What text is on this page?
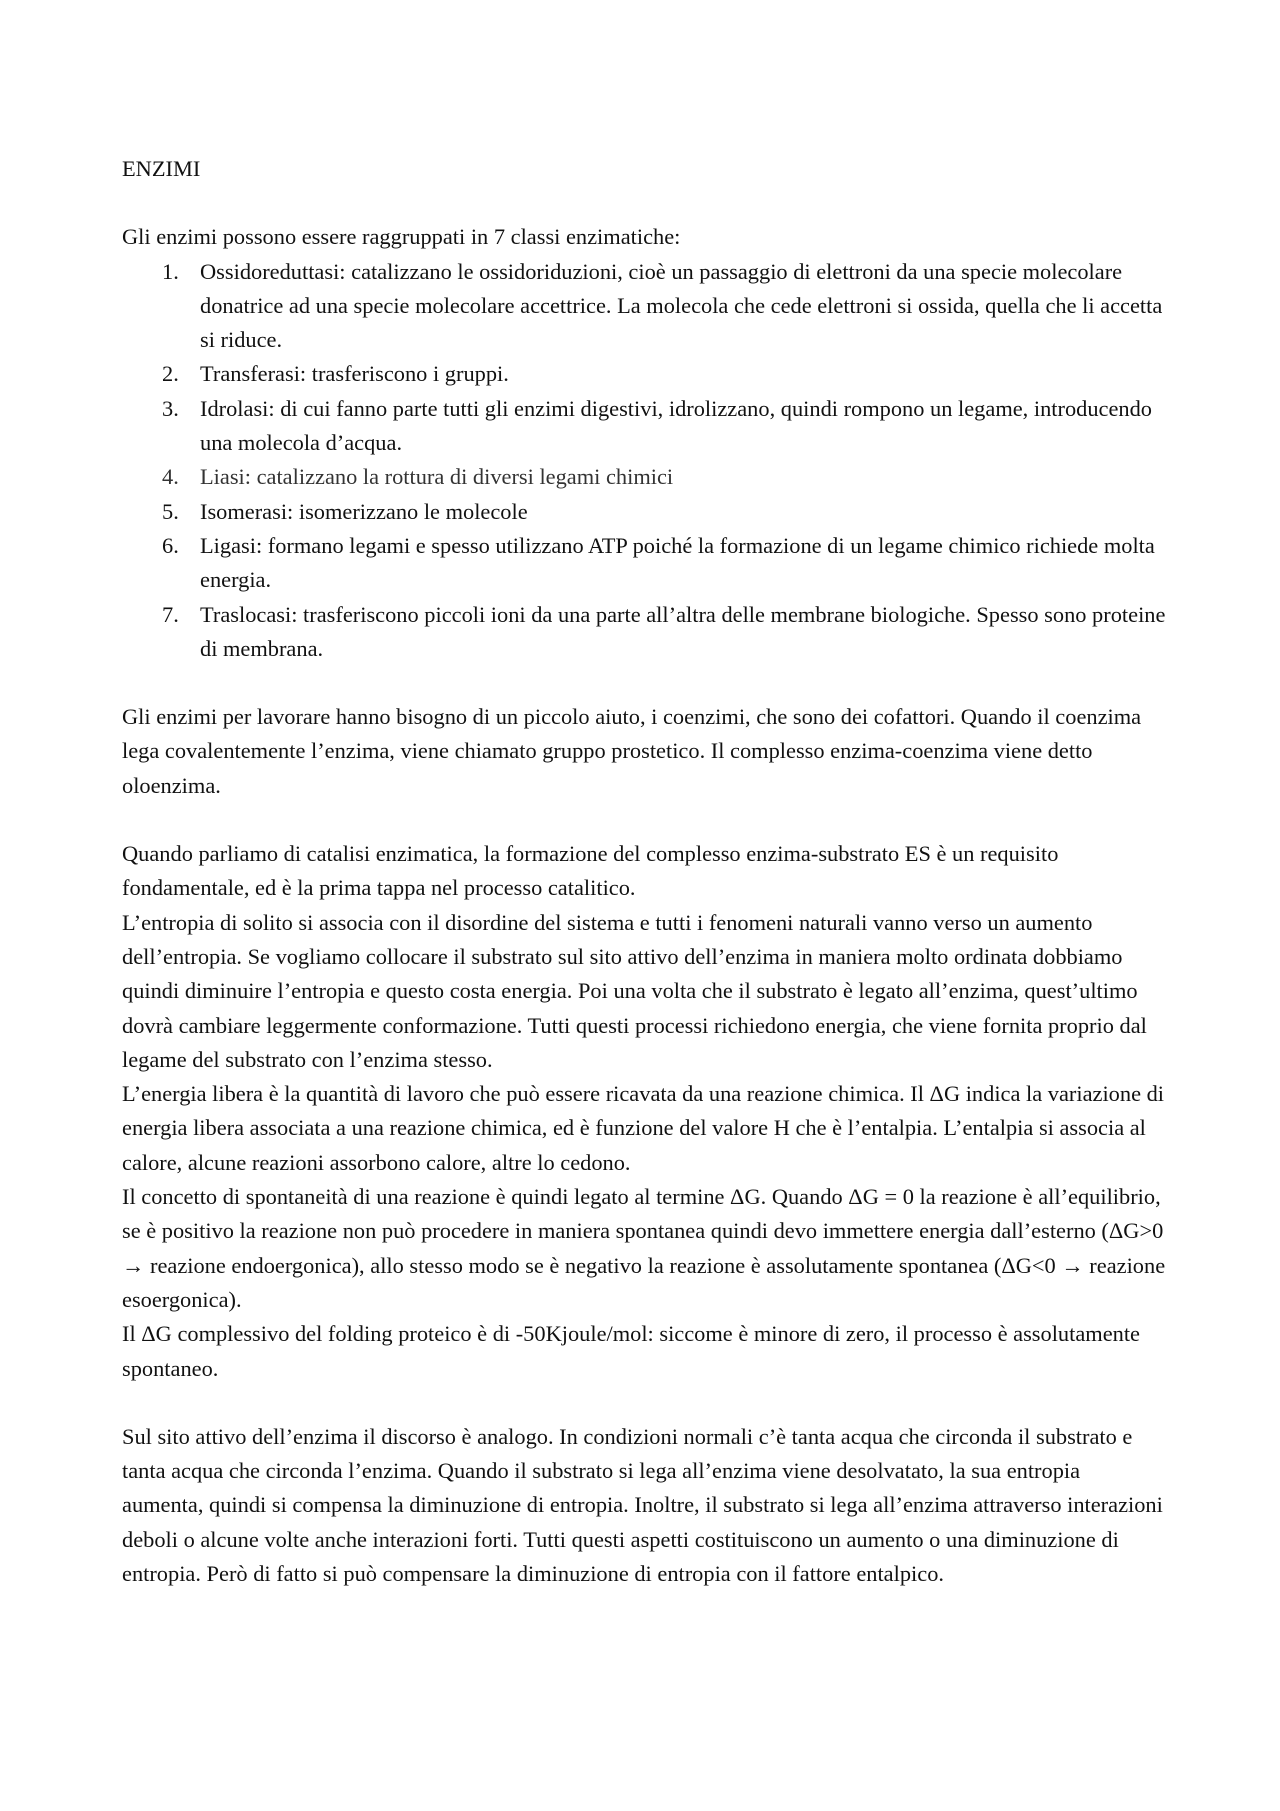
ENZIMI

Gli enzimi possono essere raggruppati in 7 classi enzimatiche:

Ossidoreduttasi: catalizzano le ossidoriduzioni, cioè un passaggio di elettroni da una specie molecolare donatrice ad una specie molecolare accettrice. La molecola che cede elettroni si ossida, quella che li accetta si riduce.
Transferasi: trasferiscono i gruppi.
Idrolasi: di cui fanno parte tutti gli enzimi digestivi, idrolizzano, quindi rompono un legame, introducendo una molecola d’acqua.
Liasi: catalizzano la rottura di diversi legami chimici
Isomerasi: isomerizzano le molecole
Ligasi: formano legami e spesso utilizzano ATP poiché la formazione di un legame chimico richiede molta energia.
Traslocasi: trasferiscono piccoli ioni da una parte all’altra delle membrane biologiche. Spesso sono proteine di membrana.

Gli enzimi per lavorare hanno bisogno di un piccolo aiuto, i coenzimi, che sono dei cofattori. Quando il coenzima lega covalentemente l’enzima, viene chiamato gruppo prostetico. Il complesso enzima-coenzima viene detto oloenzima.

Quando parliamo di catalisi enzimatica, la formazione del complesso enzima-substrato ES è un requisito fondamentale, ed è la prima tappa nel processo catalitico.

L’entropia di solito si associa con il disordine del sistema e tutti i fenomeni naturali vanno verso un aumento dell’entropia. Se vogliamo collocare il substrato sul sito attivo dell’enzima in maniera molto ordinata dobbiamo quindi diminuire l’entropia e questo costa energia. Poi una volta che il substrato è legato all’enzima, quest’ultimo dovrà cambiare leggermente conformazione. Tutti questi processi richiedono energia, che viene fornita proprio dal legame del substrato con l’enzima stesso.

L’energia libera è la quantità di lavoro che può essere ricavata da una reazione chimica. Il ΔG indica la variazione di energia libera associata a una reazione chimica, ed è funzione del valore H che è l’entalpia. L’entalpia si associa al calore, alcune reazioni assorbono calore, altre lo cedono.

Il concetto di spontaneità di una reazione è quindi legato al termine ΔG. Quando ΔG = 0 la reazione è all’equilibrio, se è positivo la reazione non può procedere in maniera spontanea quindi devo immettere energia dall’esterno (ΔG>0 → reazione endoergonica), allo stesso modo se è negativo la reazione è assolutamente spontanea (ΔG<0 → reazione esoergonica).

Il ΔG complessivo del folding proteico è di -50Kjoule/mol: siccome è minore di zero, il processo è assolutamente spontaneo.

Sul sito attivo dell’enzima il discorso è analogo. In condizioni normali c’è tanta acqua che circonda il substrato e tanta acqua che circonda l’enzima. Quando il substrato si lega all’enzima viene desolvatato, la sua entropia aumenta, quindi si compensa la diminuzione di entropia. Inoltre, il substrato si lega all’enzima attraverso interazioni deboli o alcune volte anche interazioni forti. Tutti questi aspetti costituiscono un aumento o una diminuzione di entropia. Però di fatto si può compensare la diminuzione di entropia con il fattore entalpico.
